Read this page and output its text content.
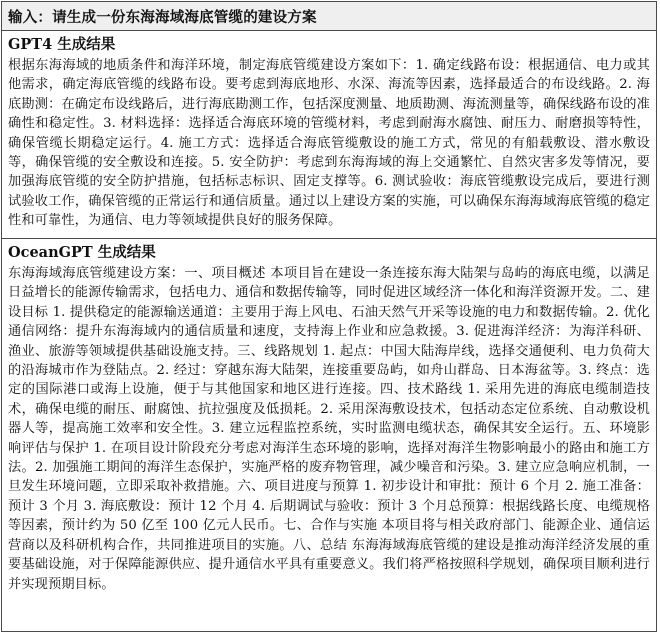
输入：请生成一份东海海域海底管缆的建设方案
GPT4 生成结果

根据东海海域的地质条件和海洋环境，制定海底管缆建设方案如下：1. 确定线路布设：根据通信、电力或其他需求，确定海底管缆的线路布设。要考虑到海底地形、水深、海流等因素，选择最适合的布设线路。2. 海底勘测：在确定布设线路后，进行海底勘测工作，包括深度测量、地质勘测、海流测量等，确保线路布设的准确性和稳定性。3. 材料选择：选择适合海底环境的管缆材料，考虑到耐海水腐蚀、耐压力、耐磨损等特性，确保管缆长期稳定运行。4. 施工方式：选择适合海底管缆敷设的施工方式，常见的有船载敷设、潜水敷设等，确保管缆的安全敷设和连接。5. 安全防护：考虑到东海海域的海上交通繁忙、自然灾害多发等情况，要加强海底管缆的安全防护措施，包括标志标识、固定支撑等。6. 测试验收：海底管缆敷设完成后，要进行测试验收工作，确保管缆的正常运行和通信质量。通过以上建设方案的实施，可以确保东海海域海底管缆的稳定性和可靠性，为通信、电力等领域提供良好的服务保障。

OceanGPT 生成结果

东海海域海底管缆建设方案：一、项目概述 本项目旨在建设一条连接东海大陆架与岛屿的海底电缆，以满足日益增长的能源传输需求，包括电力、通信和数据传输等，同时促进区域经济一体化和海洋资源开发。二、建设目标 1. 提供稳定的能源输送通道：主要用于海上风电、石油天然气开采等设施的电力和数据传输。2. 优化通信网络：提升东海海域内的通信质量和速度，支持海上作业和应急救援。3. 促进海洋经济：为海洋科研、渔业、旅游等领域提供基础设施支持。三、线路规划 1. 起点：中国大陆海岸线，选择交通便利、电力负荷大的沿海城市作为登陆点。2. 经过：穿越东海大陆架，连接重要岛屿，如舟山群岛、日本海盆等。3. 终点：选定的国际港口或海上设施，便于与其他国家和地区进行连接。四、技术路线 1. 采用先进的海底电缆制造技术，确保电缆的耐压、耐腐蚀、抗拉强度及低损耗。2. 采用深海敷设技术，包括动态定位系统、自动敷设机器人等，提高施工效率和安全性。3. 建立远程监控系统，实时监测电缆状态，确保其安全运行。五、环境影响评估与保护 1. 在项目设计阶段充分考虑对海洋生态环境的影响，选择对海洋生物影响最小的路由和施工方法。2. 加强施工期间的海洋生态保护，实施严格的废弃物管理，减少噪音和污染。3. 建立应急响应机制，一旦发生环境问题，立即采取补救措施。六、项目进度与预算 1. 初步设计和审批：预计 6 个月 2. 施工准备：预计 3 个月 3. 海底敷设：预计 12 个月 4. 后期调试与验收：预计 3 个月总预算：根据线路长度、电缆规格等因素，预计约为 50 亿至 100 亿元人民币。七、合作与实施 本项目将与相关政府部门、能源企业、通信运营商以及科研机构合作，共同推进项目的实施。八、总结 东海海域海底管缆的建设是推动海洋经济发展的重要基础设施，对于保障能源供应、提升通信水平具有重要意义。我们将严格按照科学规划，确保项目顺利进行并实现预期目标。
